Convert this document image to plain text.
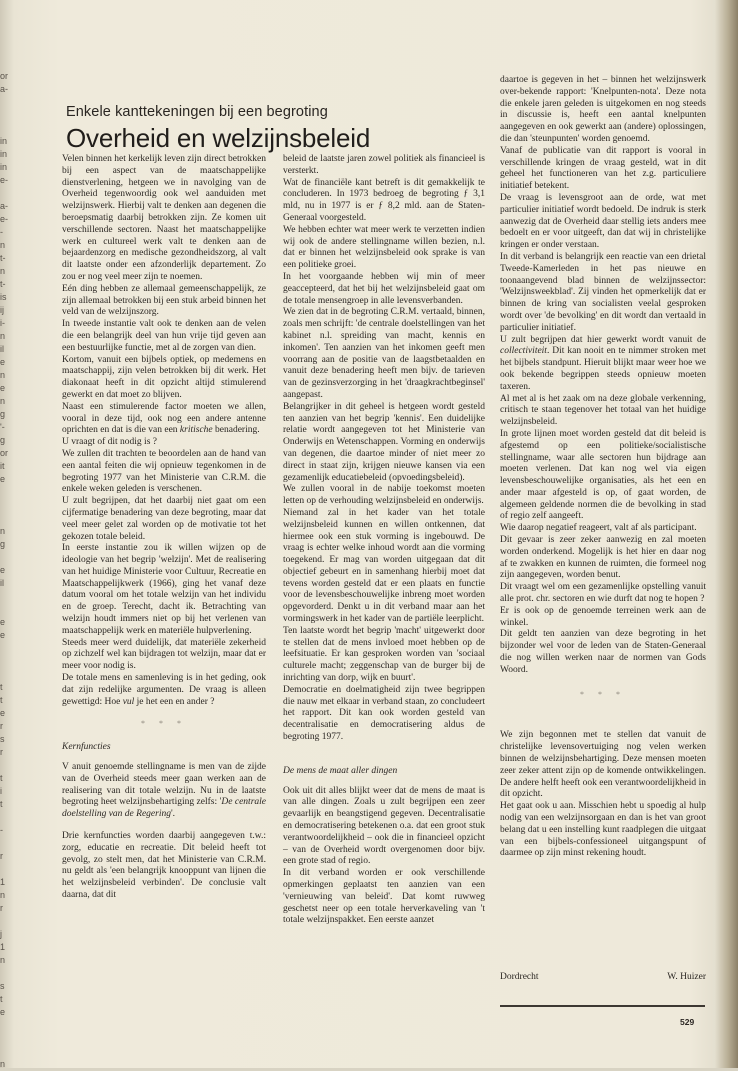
or
a-

in
in
in
e-

a-
e-
-
n
t-
n
t-
is
ij
i-
n
il
e
n
e
n
g
'-
g
or
it
e

n
g

e
il

e
e

t
t
e
r
s
r

t
i
t

-

r

1
n
r

j
1
n

s
t
e

n

Enkele kanttekeningen bij een begroting

Overheid en welzijnsbeleid

Velen binnen het kerkelijk leven zijn direct betrokken bij een aspect van de maatschappelijke dienstverlening, hetgeen we in navolging van de Overheid tegenwoordig ook wel aanduiden met welzijnswerk. Hierbij valt te denken aan degenen die beroepsmatig daarbij betrokken zijn. Ze komen uit verschillende sectoren. Naast het maatschappelijke werk en cultureel werk valt te denken aan de bejaardenzorg en medische gezondheidszorg, al valt dit laatste onder een afzonderlijk departement. Zo zou er nog veel meer zijn te noemen.

Eén ding hebben ze allemaal gemeenschappelijk, ze zijn allemaal betrokken bij een stuk arbeid binnen het veld van de welzijnszorg.

In tweede instantie valt ook te denken aan de velen die een belangrijk deel van hun vrije tijd geven aan een bestuurlijke functie, met al de zorgen van dien.

Kortom, vanuit een bijbels optiek, op medemens en maatschappij, zijn velen betrokken bij dit werk. Het diakonaat heeft in dit opzicht altijd stimulerend gewerkt en dat moet zo blijven.

Naast een stimulerende factor moeten we allen, vooral in deze tijd, ook nog een andere antenne oprichten en dat is die van een kritische benadering.

U vraagt of dit nodig is ?

We zullen dit trachten te beoordelen aan de hand van een aantal feiten die wij opnieuw tegenkomen in de begroting 1977 van het Ministerie van C.R.M. die enkele weken geleden is verschenen.

U zult begrijpen, dat het daarbij niet gaat om een cijfermatige benadering van deze begroting, maar dat veel meer gelet zal worden op de motivatie tot het gekozen totale beleid.

In eerste instantie zou ik willen wijzen op de ideologie van het begrip 'welzijn'. Met de realisering van het huidige Ministerie voor Cultuur, Recreatie en Maatschappelijkwerk (1966), ging het vanaf deze datum vooral om het totale welzijn van het individu en de groep. Terecht, dacht ik. Betrachting van welzijn houdt immers niet op bij het verlenen van maatschappelijk werk en materiële hulpverlening.

Steeds meer werd duidelijk, dat materiële zekerheid op zichzelf wel kan bijdragen tot welzijn, maar dat er meer voor nodig is.

De totale mens en samenleving is in het geding, ook dat zijn redelijke argumenten. De vraag is alleen gewettigd: Hoe vul je het een en ander ?

* * *

Kernfuncties

V anuit genoemde stellingname is men van de zijde van de Overheid steeds meer gaan werken aan de realisering van dit totale welzijn. Nu in de laatste begroting heet welzijnsbehartiging zelfs: 'De centrale doelstelling van de Regering'.

Drie kernfuncties worden daarbij aangegeven t.w.: zorg, educatie en recreatie. Dit beleid heeft tot gevolg, zo stelt men, dat het Ministerie van C.R.M. nu geldt als 'een belangrijk knooppunt van lijnen die het welzijnsbeleid verbinden'. De conclusie valt daarna, dat dit

beleid de laatste jaren zowel politiek als financieel is versterkt.

Wat de financiële kant betreft is dit gemakkelijk te concluderen. In 1973 bedroeg de begroting ƒ 3,1 mld, nu in 1977 is er ƒ 8,2 mld. aan de Staten-Generaal voorgesteld.

We hebben echter wat meer werk te verzetten indien wij ook de andere stellingname willen bezien, n.l. dat er binnen het welzijnsbeleid ook sprake is van een politieke groei.

In het voorgaande hebben wij min of meer geaccepteerd, dat het bij het welzijnsbeleid gaat om de totale mensengroep in alle levensverbanden.

We zien dat in de begroting C.R.M. vertaald, binnen, zoals men schrijft: 'de centrale doelstellingen van het kabinet n.l. spreiding van macht, kennis en inkomen'. Ten aanzien van het inkomen geeft men voorrang aan de positie van de laagstbetaalden en vanuit deze benadering heeft men bijv. de tarieven van de gezinsverzorging in het 'draagkrachtbeginsel' aangepast.

Belangrijker in dit geheel is hetgeen wordt gesteld ten aanzien van het begrip 'kennis'. Een duidelijke relatie wordt aangegeven tot het Ministerie van Onderwijs en Wetenschappen. Vorming en onderwijs van degenen, die daartoe minder of niet meer zo direct in staat zijn, krijgen nieuwe kansen via een gezamenlijk educatiebeleid (opvoedingsbeleid).

We zullen vooral in de nabije toekomst moeten letten op de verhouding welzijnsbeleid en onderwijs.

Niemand zal in het kader van het totale welzijnsbeleid kunnen en willen ontkennen, dat hiermee ook een stuk vorming is ingebouwd. De vraag is echter welke inhoud wordt aan die vorming toegekend. Er mag van worden uitgegaan dat dit objectief gebeurt en in samenhang hierbij moet dat tevens worden gesteld dat er een plaats en functie voor de levensbeschouwelijke inbreng moet worden opgevorderd. Denkt u in dit verband maar aan het vormingswerk in het kader van de partiële leerplicht.

Ten laatste wordt het begrip 'macht' uitgewerkt door te stellen dat de mens invloed moet hebben op de leefsituatie. Er kan gesproken worden van 'sociaal culturele macht; zeggenschap van de burger bij de inrichting van dorp, wijk en buurt'.

Democratie en doelmatigheid zijn twee begrippen die nauw met elkaar in verband staan, zo concludeert het rapport. Dit kan ook worden gesteld van decentralisatie en democratisering aldus de begroting 1977.

De mens de maat aller dingen

Ook uit dit alles blijkt weer dat de mens de maat is van alle dingen. Zoals u zult begrijpen een zeer gevaarlijk en beangstigend gegeven. Decentralisatie en democratisering betekenen o.a. dat een groot stuk verantwoordelijkheid – ook die in financieel opzicht – van de Overheid wordt overgenomen door bijv. een grote stad of regio.

In dit verband worden er ook verschillende opmerkingen geplaatst ten aanzien van een 'vernieuwing van beleid'. Dat komt ruwweg geschetst neer op een totale herverkaveling van 't totale welzijnspakket. Een eerste aanzet

daartoe is gegeven in het – binnen het welzijnswerk over-bekende rapport: 'Knelpunten-nota'. Deze nota die enkele jaren geleden is uitgekomen en nog steeds in discussie is, heeft een aantal knelpunten aangegeven en ook gewerkt aan (andere) oplossingen, die dan 'steunpunten' worden genoemd.

Vanaf de publicatie van dit rapport is vooral in verschillende kringen de vraag gesteld, wat in dit geheel het functioneren van het z.g. particuliere initiatief betekent.

De vraag is levensgroot aan de orde, wat met particulier initiatief wordt bedoeld. De indruk is sterk aanwezig dat de Overheid daar stellig iets anders mee bedoelt en er voor uitgeeft, dan dat wij in christelijke kringen er onder verstaan.

In dit verband is belangrijk een reactie van een drietal Tweede-Kamerleden in het pas nieuwe en toonaangevend blad binnen de welzijnssector: 'Welzijnsweekblad'. Zij vinden het opmerkelijk dat er binnen de kring van socialisten veelal gesproken wordt over 'de bevolking' en dit wordt dan vertaald in particulier initiatief.

U zult begrijpen dat hier gewerkt wordt vanuit de collectiviteit. Dit kan nooit en te nimmer stroken met het bijbels standpunt. Hieruit blijkt maar weer hoe we ook bekende begrippen steeds opnieuw moeten taxeren.

Al met al is het zaak om na deze globale verkenning, critisch te staan tegenover het totaal van het huidige welzijnsbeleid.

In grote lijnen moet worden gesteld dat dit beleid is afgestemd op een politieke/socialistische stellingname, waar alle sectoren hun bijdrage aan moeten verlenen. Dat kan nog wel via eigen levensbeschouwelijke organisaties, als het een en ander maar afgesteld is op, of gaat worden, de algemeen geldende normen die de bevolking in stad of regio zelf aangeeft.

Wie daarop negatief reageert, valt af als participant.

Dit gevaar is zeer zeker aanwezig en zal moeten worden onderkend. Mogelijk is het hier en daar nog af te zwakken en kunnen de ruimten, die formeel nog zijn aangegeven, worden benut.

Dit vraagt wel om een gezamenlijke opstelling vanuit alle prot. chr. sectoren en wie durft dat nog te hopen ?

Er is ook op de genoemde terreinen werk aan de winkel.

Dit geldt ten aanzien van deze begroting in het bijzonder wel voor de leden van de Staten-Generaal die nog willen werken naar de normen van Gods Woord.

* * *

We zijn begonnen met te stellen dat vanuit de christelijke levensovertuiging nog velen werken binnen de welzijnsbehartiging. Deze mensen moeten zeer zeker attent zijn op de komende ontwikkelingen. De andere helft heeft ook een verantwoordelijkheid in dit opzicht.

Het gaat ook u aan. Misschien hebt u spoedig al hulp nodig van een welzijnsorgaan en dan is het van groot belang dat u een instelling kunt raadplegen die uitgaat van een bijbels-confessioneel uitgangspunt of daarmee op zijn minst rekening houdt.

Dordrecht	W. Huizer
529
